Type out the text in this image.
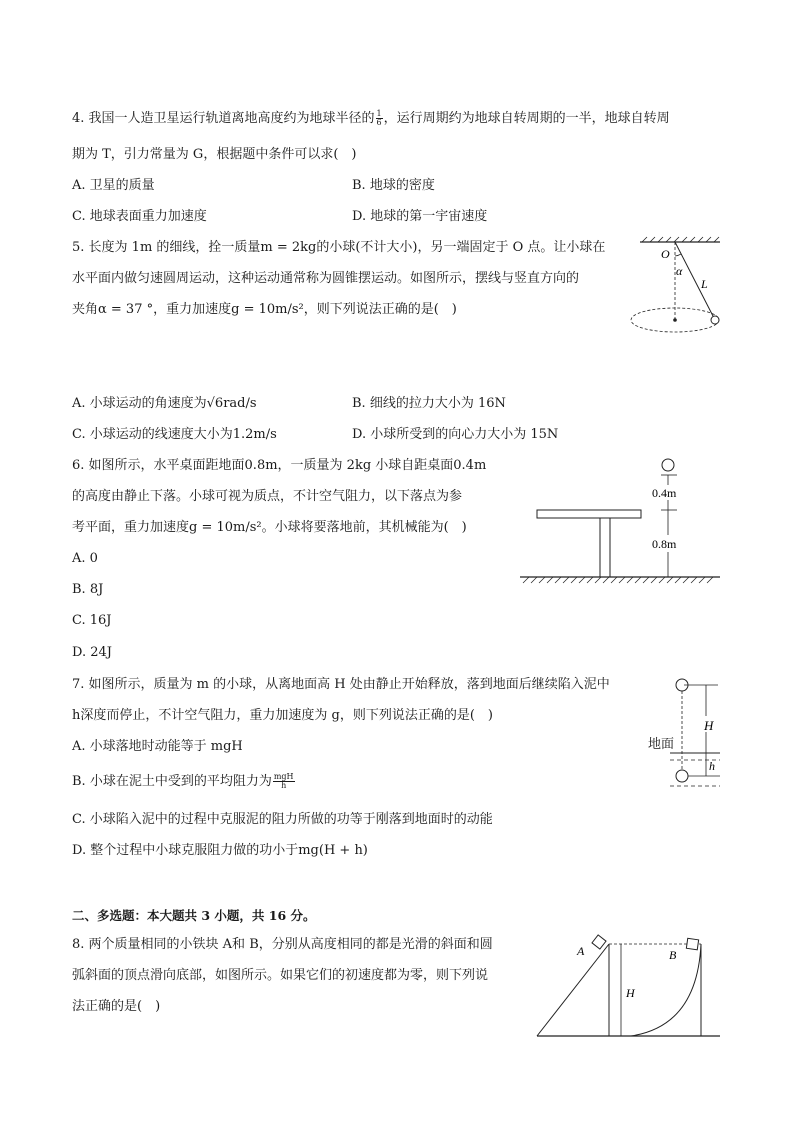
4. 我国一人造卫星运行轨道离地高度约为地球半径的 $\frac{1}{6}$ ，运行周期约为地球自转周期的一半，地球自转周
期为 T，引力常量为 G，根据题中条件可以求(　)
A. 卫星的质量	B. 地球的密度
C. 地球表面重力加速度	D. 地球的第一宇宙速度
5. 长度为 1m 的细线，拴一质量m = 2kg的小球(不计大小)，另一端固定于 O 点。让小球在
水平面内做匀速圆周运动，这种运动通常称为圆锥摆运动。如图所示，摆线与竖直方向的
夹角α = 37 °，重力加速度g = 10m/s²，则下列说法正确的是(　)
O
α
L
A. 小球运动的角速度为√6rad/s	B. 细线的拉力大小为 16N
C. 小球运动的线速度大小为1.2m/s	D. 小球所受到的向心力大小为 15N
6. 如图所示，水平桌面距地面0.8m，一质量为 2kg 小球自距桌面0.4m
的高度由静止下落。小球可视为质点，不计空气阻力，以下落点为参
考平面，重力加速度g = 10m/s²。小球将要落地前，其机械能为(　)
A. 0
B. 8J
C. 16J
D. 24J
0.4m
0.8m
7. 如图所示，质量为 m 的小球，从离地面高 H 处由静止开始释放，落到地面后继续陷入泥中
h深度而停止，不计空气阻力，重力加速度为 g，则下列说法正确的是(　)
A. 小球落地时动能等于 mgH
B. 小球在泥土中受到的平均阻力为 $\frac{\text{mgH}}{h}$
C. 小球陷入泥中的过程中克服泥的阻力所做的功等于刚落到地面时的动能
D. 整个过程中小球克服阻力做的功小于mg(H + h)
H
h
地面
二、多选题：本大题共 3 小题，共 16 分。
8. 两个质量相同的小铁块 A和 B，分别从高度相同的都是光滑的斜面和圆
弧斜面的顶点滑向底部，如图所示。如果它们的初速度都为零，则下列说
法正确的是(　)
A	B
H
